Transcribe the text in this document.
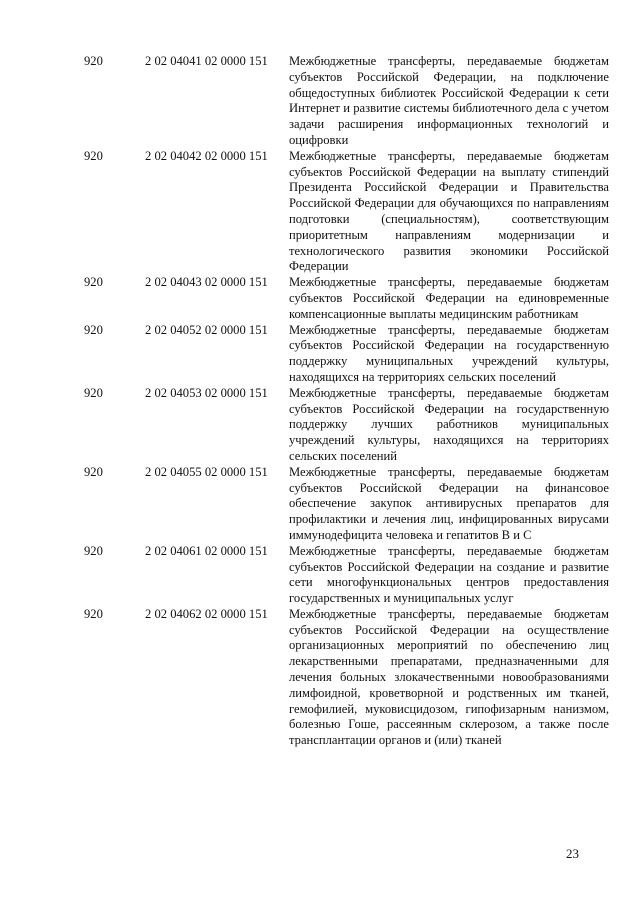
920	2 02 04041 02 0000 151 Межбюджетные трансферты, передаваемые бюджетам субъектов Российской Федерации, на подключение общедоступных библиотек Российской Федерации к сети Интернет и развитие системы библиотечного дела с учетом задачи расширения информационных технологий и оцифровки
920	2 02 04042 02 0000 151 Межбюджетные трансферты, передаваемые бюджетам субъектов Российской Федерации на выплату стипендий Президента Российской Федерации и Правительства Российской Федерации для обучающихся по направлениям подготовки (специальностям), соответствующим приоритетным направлениям модернизации и технологического развития экономики Российской Федерации
920	2 02 04043 02 0000 151 Межбюджетные трансферты, передаваемые бюджетам субъектов Российской Федерации на единовременные компенсационные выплаты медицинским работникам
920	2 02 04052 02 0000 151 Межбюджетные трансферты, передаваемые бюджетам субъектов Российской Федерации на государственную поддержку муниципальных учреждений культуры, находящихся на территориях сельских поселений
920	2 02 04053 02 0000 151 Межбюджетные трансферты, передаваемые бюджетам субъектов Российской Федерации на государственную поддержку лучших работников муниципальных учреждений культуры, находящихся на территориях сельских поселений
920	2 02 04055 02 0000 151 Межбюджетные трансферты, передаваемые бюджетам субъектов Российской Федерации на финансовое обеспечение закупок антивирусных препаратов для профилактики и лечения лиц, инфицированных вирусами иммунодефицита человека и гепатитов В и С
920	2 02 04061 02 0000 151 Межбюджетные трансферты, передаваемые бюджетам субъектов Российской Федерации на создание и развитие сети многофункциональных центров предоставления государственных и муниципальных услуг
920	2 02 04062 02 0000 151 Межбюджетные трансферты, передаваемые бюджетам субъектов Российской Федерации на осуществление организационных мероприятий по обеспечению лиц лекарственными препаратами, предназначенными для лечения больных злокачественными новообразованиями лимфоидной, кроветворной и родственных им тканей, гемофилией, муковисцидозом, гипофизарным нанизмом, болезнью Гоше, рассеянным склерозом, а также после трансплантации органов и (или) тканей
23
